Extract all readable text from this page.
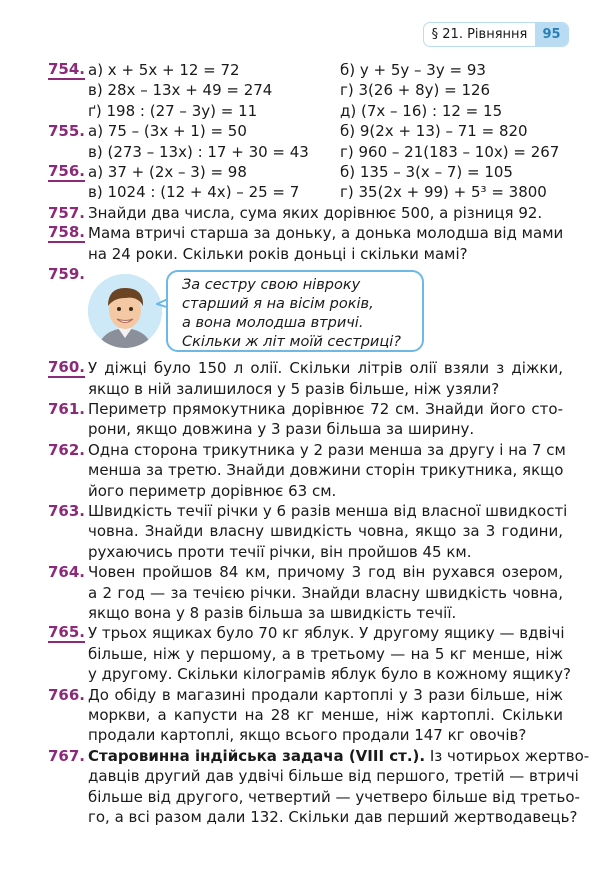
§ 21. Рівняння	95
754. а) x + 5x + 12 = 72	б) y + 5y – 3y = 93
в) 28x – 13x + 49 = 274	г) 3(26 + 8y) = 126
ґ) 198 : (27 – 3y) = 11	д) (7x – 16) : 12 = 15
755. а) 75 – (3x + 1) = 50	б) 9(2x + 13) – 71 = 820
в) (273 – 13x) : 17 + 30 = 43 г) 960 – 21(183 – 10x) = 267
756. а) 37 + (2x – 3) = 98	б) 135 – 3(x – 7) = 105
в) 1024 : (12 + 4x) – 25 = 7	г) 35(2x + 99) + 5³ = 3800
757. Знайди два числа, сума яких дорівнює 500, а різниця 92.
758. Мама втричі старша за доньку, а донька молодша від мами
на 24 роки. Скільки років доньці і скільки мамі?
759.
За сестру свою нівроку
старший я на вісім років,
а вона молодша втричі.
Скільки ж літ моїй сестриці?
760. У діжці було 150 л олії. Скільки літрів олії взяли з діжки,
якщо в ній залишилося у 5 разів більше, ніж узяли?
761. Периметр прямокутника дорівнює 72 см. Знайди його сто-
рони, якщо довжина у 3 рази більша за ширину.
762. Одна сторона трикутника у 2 рази менша за другу і на 7 см
менша за третю. Знайди довжини сторін трикутника, якщо
його периметр дорівнює 63 см.
763. Швидкість течії річки у 6 разів менша від власної швидкості
човна. Знайди власну швидкість човна, якщо за 3 години,
рухаючись проти течії річки, він пройшов 45 км.
764. Човен пройшов 84 км, причому 3 год він рухався озером,
а 2 год — за течією річки. Знайди власну швидкість човна,
якщо вона у 8 разів більша за швидкість течії.
765. У трьох ящиках було 70 кг яблук. У другому ящику — вдвічі
більше, ніж у першому, а в третьому — на 5 кг менше, ніж
у другому. Скільки кілограмів яблук було в кожному ящику?
766. До обіду в магазині продали картоплі у 3 рази більше, ніж
моркви, а капусти на 28 кг менше, ніж картоплі. Скільки
продали картоплі, якщо всього продали 147 кг овочів?
767. Старовинна індійська задача (VIII ст.). Із чотирьох жертво-
давців другий дав удвічі більше від першого, третій — втричі
більше від другого, четвертий — учетверо більше від третьо-
го, а всі разом дали 132. Скільки дав перший жертводавець?
